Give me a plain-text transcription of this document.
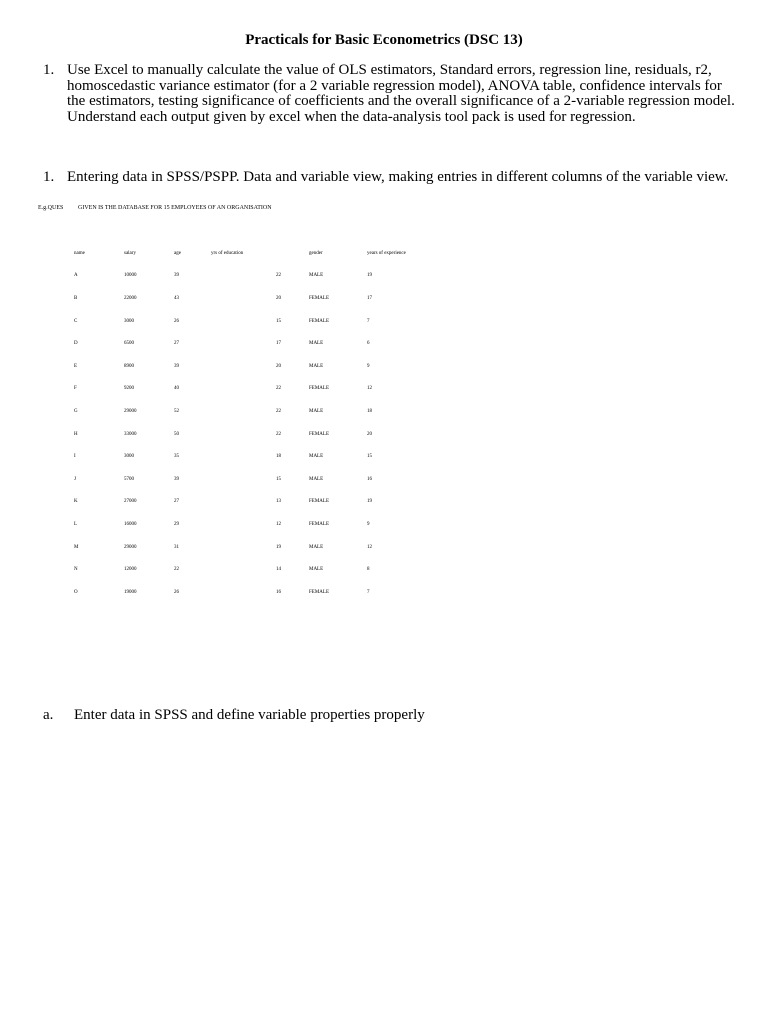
Practicals for Basic Econometrics (DSC 13)
1. Use Excel to manually calculate the value of OLS estimators, Standard errors, regression line, residuals, r2, homoscedastic variance estimator (for a 2 variable regression model), ANOVA table, confidence intervals for the estimators, testing significance of coefficients and the overall significance of a 2-variable regression model. Understand each output given by excel when the data-analysis tool pack is used for regression.
1. Entering data in SPSS/PSPP. Data and variable view, making entries in different columns of the variable view.
E.g.QUES GIVEN IS THE DATABASE FOR 15 EMPLOYEES OF AN ORGANISATION
name	salary	age	yrs of education	gender	years of experience
A	10000	39	22	MALE	19
B	22000	43	20	FEMALE	17
C	3000	26	15	FEMALE	7
D	6500	27	17	MALE	6
E	8900	39	20	MALE	9
F	9200	40	22	FEMALE	12
G	29000	52	22	MALE	18
H	33000	50	22	FEMALE	20
I	3000	35	18	MALE	15
J	5700	39	15	MALE	16
K	27000	27	13	FEMALE	19
L	16000	29	12	FEMALE	9
M	29000	31	19	MALE	12
N	12000	22	14	MALE	8
O	19000	26	16	FEMALE	7
a. Enter data in SPSS and define variable properties properly
